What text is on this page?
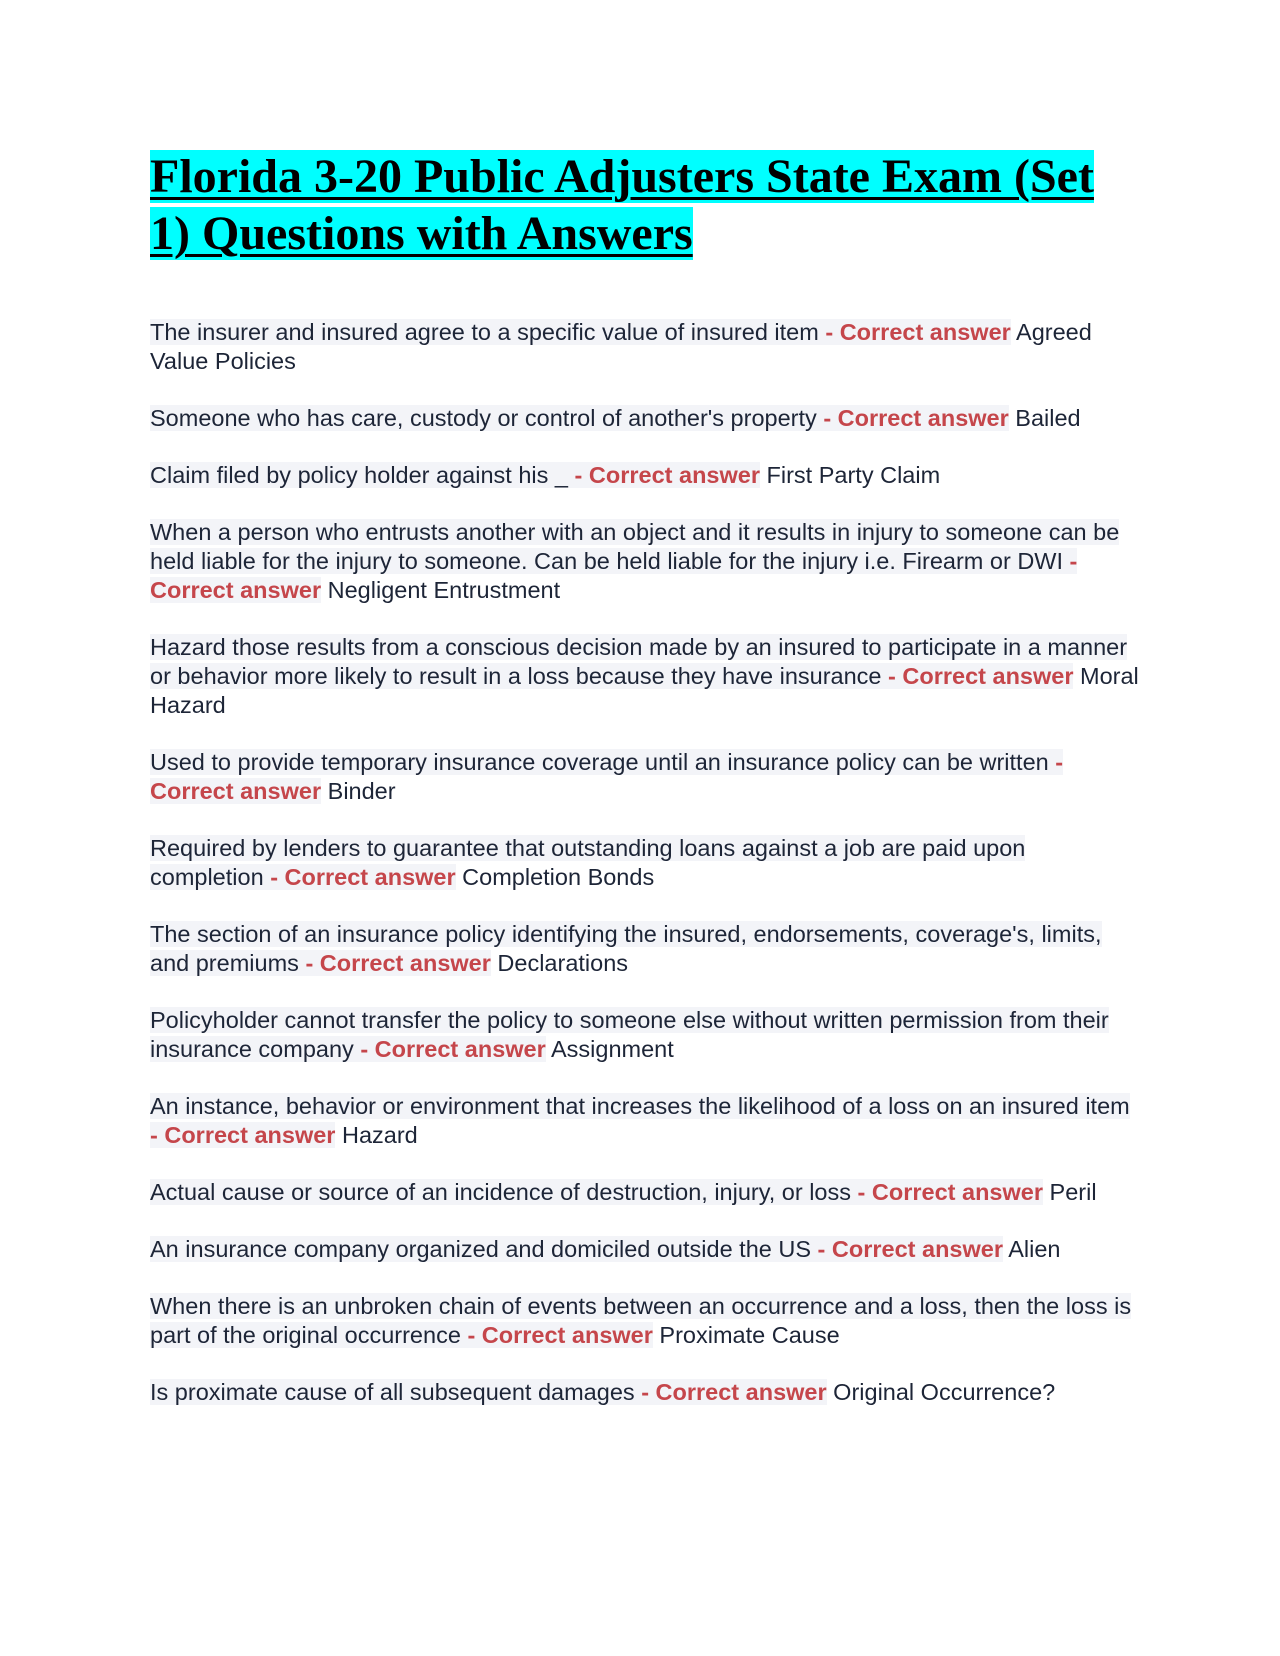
Florida 3-20 Public Adjusters State Exam (Set 1) Questions with Answers

The insurer and insured agree to a specific value of insured item - Correct answer Agreed Value Policies

Someone who has care, custody or control of another's property - Correct answer Bailed

Claim filed by policy holder against his _ - Correct answer First Party Claim

When a person who entrusts another with an object and it results in injury to someone can be held liable for the injury to someone. Can be held liable for the injury i.e. Firearm or DWI - Correct answer Negligent Entrustment

Hazard those results from a conscious decision made by an insured to participate in a manner or behavior more likely to result in a loss because they have insurance - Correct answer Moral Hazard

Used to provide temporary insurance coverage until an insurance policy can be written - Correct answer Binder

Required by lenders to guarantee that outstanding loans against a job are paid upon completion - Correct answer Completion Bonds

The section of an insurance policy identifying the insured, endorsements, coverage's, limits, and premiums - Correct answer Declarations

Policyholder cannot transfer the policy to someone else without written permission from their insurance company - Correct answer Assignment

An instance, behavior or environment that increases the likelihood of a loss on an insured item - Correct answer Hazard

Actual cause or source of an incidence of destruction, injury, or loss - Correct answer Peril

An insurance company organized and domiciled outside the US - Correct answer Alien

When there is an unbroken chain of events between an occurrence and a loss, then the loss is part of the original occurrence - Correct answer Proximate Cause

Is proximate cause of all subsequent damages - Correct answer Original Occurrence?
